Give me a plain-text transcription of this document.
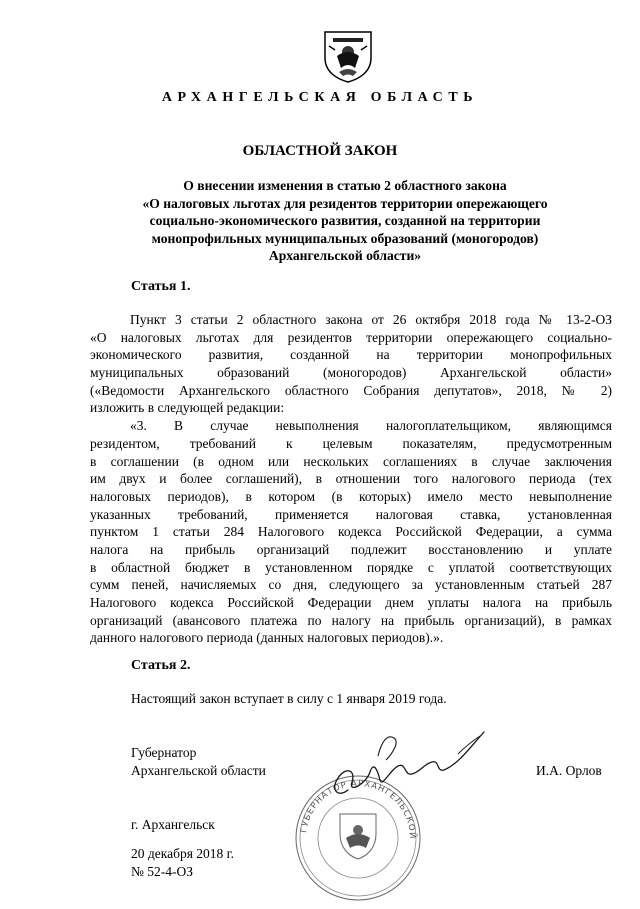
АРХАНГЕЛЬСКАЯ ОБЛАСТЬ
ОБЛАСТНОЙ ЗАКОН
О внесении изменения в статью 2 областного закона
«О налоговых льготах для резидентов территории опережающего
социально-экономического развития, созданной на территории
монопрофильных муниципальных образований (моногородов)
Архангельской области»
Статья 1.
Пункт 3 статьи 2 областного закона от 26 октября 2018 года № 13-2-ОЗ
«О налоговых льготах для резидентов территории опережающего социально-
экономического развития, созданной на территории монопрофильных
муниципальных образований (моногородов) Архангельской области»
(«Ведомости Архангельского областного Собрания депутатов», 2018, № 2)
изложить в следующей редакции:
«3. В случае невыполнения налогоплательщиком, являющимся
резидентом, требований к целевым показателям, предусмотренным
в соглашении (в одном или нескольких соглашениях в случае заключения
им двух и более соглашений), в отношении того налогового периода (тех
налоговых периодов), в котором (в которых) имело место невыполнение
указанных требований, применяется налоговая ставка, установленная
пунктом 1 статьи 284 Налогового кодекса Российской Федерации, а сумма
налога на прибыль организаций подлежит восстановлению и уплате
в областной бюджет в установленном порядке с уплатой соответствующих
сумм пеней, начисляемых со дня, следующего за установленным статьей 287
Налогового кодекса Российской Федерации днем уплаты налога на прибыль
организаций (авансового платежа по налогу на прибыль организаций), в рамках
данного налогового периода (данных налоговых периодов).».
Статья 2.
Настоящий закон вступает в силу с 1 января 2019 года.
ГУБЕРНАТОР АРХАНГЕЛЬСКОЙ
Губернатор
Архангельской области	И.А. Орлов
г. Архангельск
20 декабря 2018 г.
№ 52-4-ОЗ
